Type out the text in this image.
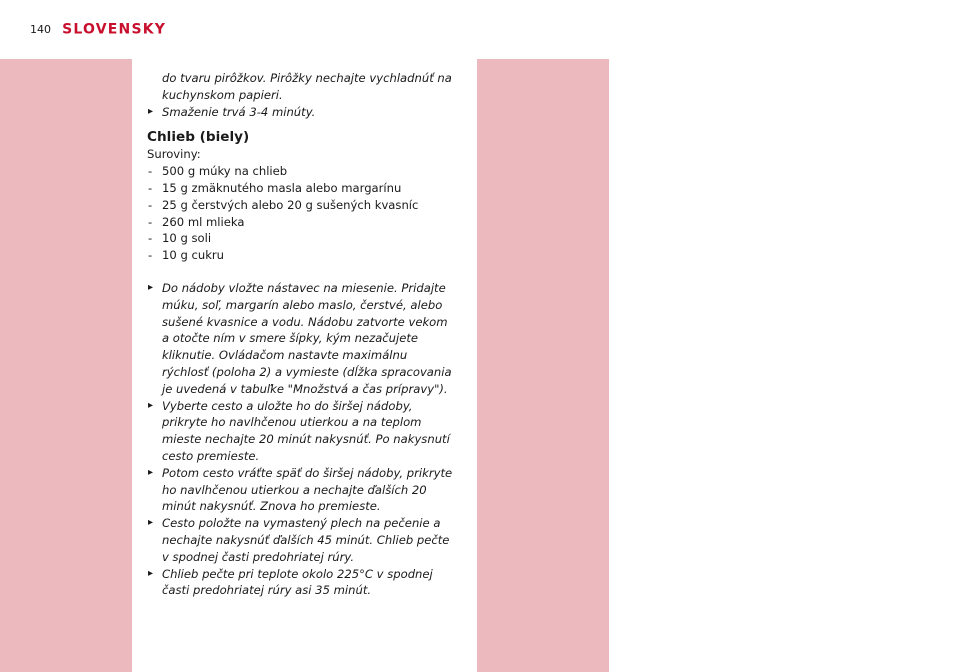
140 SLOVENSKY
do tvaru pirôžkov. Pirôžky nechajte vychladnúť na kuchynskom papieri.
▸ Smaženie trvá 3-4 minúty.
Chlieb (biely)
Suroviny:
- 500 g múky na chlieb
- 15 g zmäknutého masla alebo margarínu
- 25 g čerstvých alebo 20 g sušených kvasníc
- 260 ml mlieka
- 10 g soli
- 10 g cukru
▸ Do nádoby vložte nástavec na miesenie. Pridajte múku, soľ, margarín alebo maslo, čerstvé, alebo sušené kvasnice a vodu. Nádobu zatvorte vekom a otočte ním v smere šípky, kým nezačujete kliknutie. Ovládačom nastavte maximálnu rýchlosť (poloha 2) a vymieste (dĺžka spracovania je uvedená v tabuľke "Množstvá a čas prípravy").
▸ Vyberte cesto a uložte ho do širšej nádoby, prikryte ho navlhčenou utierkou a na teplom mieste nechajte 20 minút nakysnúť. Po nakysnutí cesto premieste.
▸ Potom cesto vráťte späť do širšej nádoby, prikryte ho navlhčenou utierkou a nechajte ďalších 20 minút nakysnúť. Znova ho premieste.
▸ Cesto položte na vymastený plech na pečenie a nechajte nakysnúť ďalších 45 minút. Chlieb pečte v spodnej časti predohriatej rúry.
▸ Chlieb pečte pri teplote okolo 225°C v spodnej časti predohriatej rúry asi 35 minút.
